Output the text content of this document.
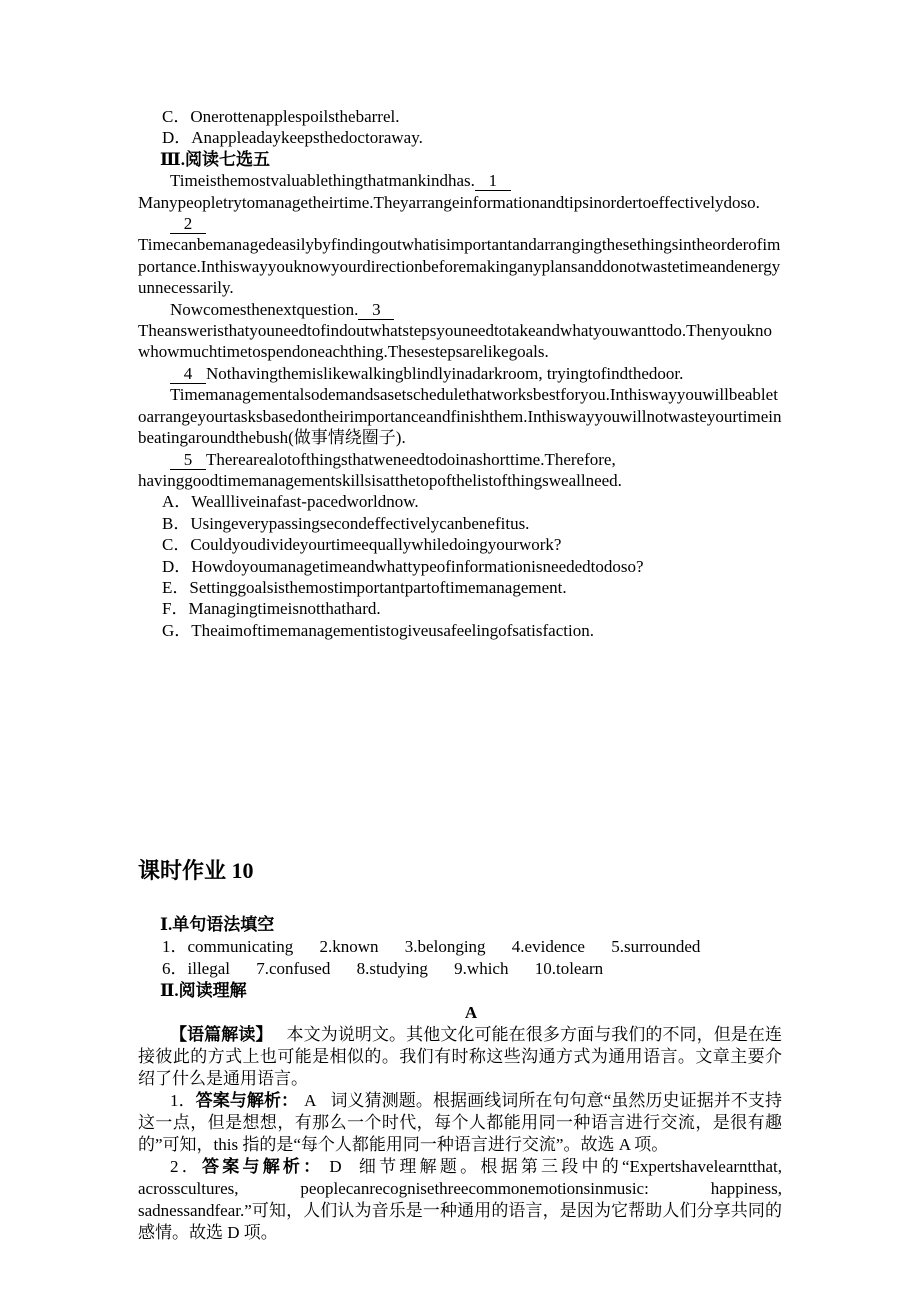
C．Onerottenapplespoilsthebarrel.

D．Anappleadaykeepsthedoctoraway.

Ⅲ.阅读七选五

Timeisthemostvaluablethingthatmankindhas. 1Manypeopletrytomanagetheirtime.Theyarrangeinformationandtipsinordertoeffectivelydoso.

2Timecanbemanagedeasilybyfindingoutwhatisimportantandarrangingthesethingsintheorderofimportance.Inthiswayyouknowyourdirectionbeforemakinganyplansanddonotwastetimeandenergyunnecessarily.

Nowcomesthenextquestion. 3Theansweristhatyouneedtofindoutwhatstepsyouneedtotakeandwhatyouwanttodo.Thenyouknowhowmuchtimetospendoneachthing.Thesestepsarelikegoals.

4 Nothavingthemislikewalkingblindlyinadarkroom, tryingtofindthedoor.

Timemanagementalsodemandsasetschedulethatworksbestforyou.Inthiswayyouwillbeabletoarrangeyourtasksbasedontheirimportanceandfinishthem.Inthiswayyouwillnotwasteyourtimeinbeatingaroundthebush(做事情绕圈子).

5 Therearealotofthingsthatweneedtodoinashorttime.Therefore, havinggoodtimemanagementskillsisatthetopofthelistofthingsweallneed.

A．Weallliveinafast-pacedworldnow.

B．Usingeverypassingsecondeffectivelycanbenefitus.

C．Couldyoudivideyourtimeequallywhiledoingyourwork?

D．Howdoyoumanagetimeandwhattypeofinformationisneededtodoso?

E．Settinggoalsisthemostimportantpartoftimemanagement.

F．Managingtimeisnotthathard.

G．Theaimoftimemanagementistogiveusafeelingofsatisfaction.

课时作业 10

Ⅰ.单句语法填空

1．communicating 2.known 3.belonging 4.evidence 5.surrounded

6．illegal 7.confused 8.studying 9.which 10.tolearn

Ⅱ.阅读理解

A

【语篇解读】 本文为说明文。其他文化可能在很多方面与我们的不同，但是在连接彼此的方式上也可能是相似的。我们有时称这些沟通方式为通用语言。文章主要介绍了什么是通用语言。

1．答案与解析： A 词义猜测题。根据画线词所在句句意“虽然历史证据并不支持这一点，但是想想，有那么一个时代，每个人都能用同一种语言进行交流，是很有趣的”可知，this 指的是“每个人都能用同一种语言进行交流”。故选 A 项。

2．答案与解析： D 细节理解题。根据第三段中的“Expertshavelearntthat, acrosscultures, peoplecanrecognisethreecommonemotionsinmusic: happiness, sadnessandfear.”可知，人们认为音乐是一种通用的语言，是因为它帮助人们分享共同的感情。故选 D 项。
